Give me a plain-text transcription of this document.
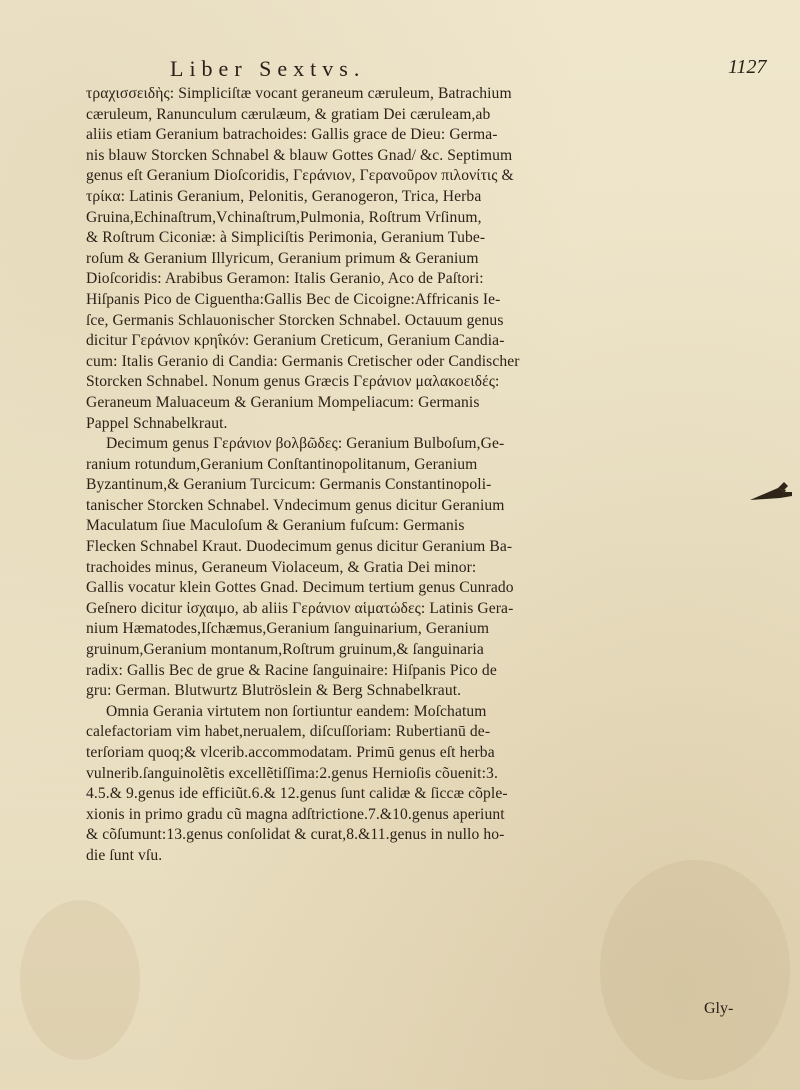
Liber Sextvs.	1127
τραχισσειδὴς: Simpliciſtæ vocant geraneum cæruleum, Batrachium
cæruleum, Ranunculum cærulæum, & gratiam Dei cæruleam,ab
aliis etiam Geranium batrachoides: Gallis grace de Dieu: Germa-
nis blauw Storcken Schnabel & blauw Gottes Gnad/ &c. Septimum
genus eſt Geranium Dioſcoridis, Γεράνιον, Γερανοῦρον πιλονίτις &
τρίκα: Latinis Geranium, Pelonitis, Geranogeron, Trica, Herba
Gruina,Echinaſtrum,Vchinaſtrum,Pulmonia, Roſtrum Vrſinum,
& Roſtrum Ciconiæ: à Simpliciſtis Perimonia, Geranium Tube-
roſum & Geranium Illyricum, Geranium primum & Geranium
Dioſcoridis: Arabibus Geramon: Italis Geranio, Aco de Paſtori:
Hiſpanis Pico de Ciguentha:Gallis Bec de Cicoigne:Affricanis Ie-
ſce, Germanis Schlauonischer Storcken Schnabel. Octauum genus
dicitur Γεράνιον κρηΐκόν: Geranium Creticum, Geranium Candia-
cum: Italis Geranio di Candia: Germanis Cretischer oder Candischer
Storcken Schnabel. Nonum genus Græcis Γεράνιον μαλακοειδές:
Geraneum Maluaceum & Geranium Mompeliacum: Germanis
Pappel Schnabelkraut.
Decimum genus Γεράνιον βολβῶδες: Geranium Bulboſum,Ge-
ranium rotundum,Geranium Conſtantinopolitanum, Geranium
Byzantinum,& Geranium Turcicum: Germanis Constantinopoli-
tanischer Storcken Schnabel. Vndecimum genus dicitur Geranium
Maculatum ſiue Maculoſum & Geranium fuſcum: Germanis
Flecken Schnabel Kraut. Duodecimum genus dicitur Geranium Ba-
trachoides minus, Geraneum Violaceum, & Gratia Dei minor:
Gallis vocatur klein Gottes Gnad. Decimum tertium genus Cunrado
Geſnero dicitur ἰσχαιμο, ab aliis Γεράνιον αἱματώδες: Latinis Gera-
nium Hæmatodes,Iſchæmus,Geranium ſanguinarium, Geranium
gruinum,Geranium montanum,Roſtrum gruinum,& ſanguinaria
radix: Gallis Bec de grue & Racine ſanguinaire: Hiſpanis Pico de
gru: German. Blutwurtz Blutröslein & Berg Schnabelkraut.
Omnia Gerania virtutem non ſortiuntur eandem: Moſchatum
calefactoriam vim habet,nerualem, diſcuſſoriam: Rubertianū de-
terſoriam quoq;& vlcerib.accommodatam. Primū genus eſt herba
vulnerib.ſanguinolẽtis excellẽtiſſima:2.genus Hernioſis cõuenit:3.
4.5.& 9.genus ide efficiũt.6.& 12.genus ſunt calidæ & ſiccæ cõple-
xionis in primo gradu cũ magna adſtrictione.7.&10.genus aperiunt
& cõſumunt:13.genus conſolidat & curat,8.&11.genus in nullo ho-
die ſunt vſu.
Gly-
